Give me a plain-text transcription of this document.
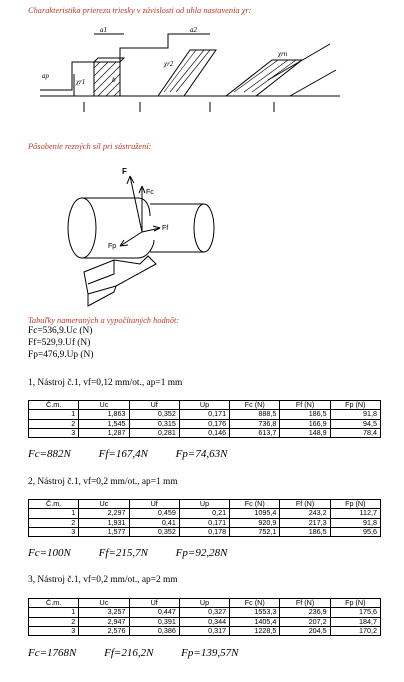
Charakteristika prierezu triesky v závislosti od uhla nastavenia χr:
a1	a2
ap	b
χr1
χr2
χrn
Pôsobenie rezných síl pri sústružení:
F
Fc
Ff
Fp
Tabuľky nameraných a vypočítaných hodnôt:
Fc=536,9.Uc (N)
Ff=529,9.Uf (N)
Fp=476,9.Up (N)
1, Nástroj č.1, vf=0,12 mm/ot., ap=1 mm
Č.m.	Uc	Uf	Up	Fc (N)	Ff (N)	Fp (N)
1	1,863	0,352	0,171	888,5	186,5	91,8
2	1,545	0,315	0,176	736,8	166,9	94,5
3	1,287	0,281	0,146	613,7	148,9	78,4
Fc=882N	Ff=167,4N	Fp=74,63N
2, Nástroj č.1, vf=0,2 mm/ot., ap=1 mm
Č.m.	Uc	Uf	Up	Fc (N)	Ff (N)	Fp (N)
1	2,297	0,459	0,21	1095,4	243,2	112,7
2	1,931	0,41	0,171	920,9	217,3	91,8
3	1,577	0,352	0,178	752,1	186,5	95,6
Fc=100N	Ff=215,7N	Fp=92,28N
3, Nástroj č.1, vf=0,2 mm/ot., ap=2 mm
Č.m.	Uc	Uf	Up	Fc (N)	Ff (N)	Fp (N)
1	3,257	0,447	0,327	1553,3	236,9	175,6
2	2,947	0,391	0,344	1405,4	207,2	184,7
3	2,576	0,386	0,317	1228,5	204,5	170,2
Fc=1768N	Ff=216,2N	Fp=139,57N
